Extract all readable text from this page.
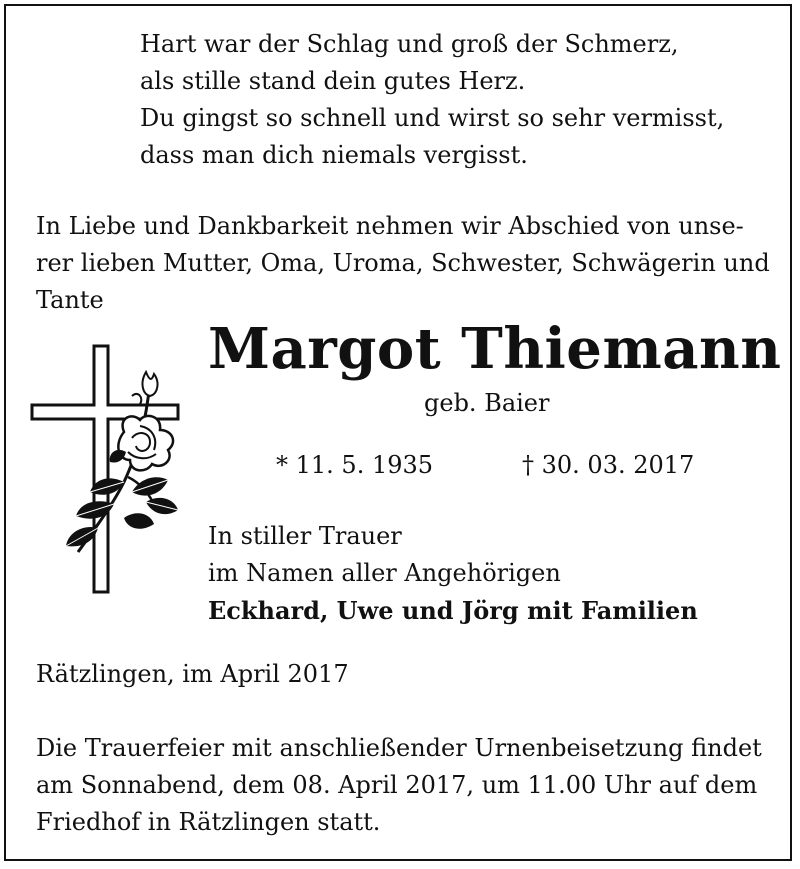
Hart war der Schlag und groß der Schmerz,
als stille stand dein gutes Herz.
Du gingst so schnell und wirst so sehr vermisst,
dass man dich niemals vergisst.
In Liebe und Dankbarkeit nehmen wir Abschied von unse-
rer lieben Mutter, Oma, Uroma, Schwester, Schwägerin und
Tante
Margot Thiemann
geb. Baier
* 11. 5. 1935	† 30. 03. 2017
In stiller Trauer
im Namen aller Angehörigen
Eckhard, Uwe und Jörg mit Familien
Rätzlingen, im April 2017
Die Trauerfeier mit anschließender Urnenbeisetzung findet
am Sonnabend, dem 08. April 2017, um 11.00 Uhr auf dem
Friedhof in Rätzlingen statt.
